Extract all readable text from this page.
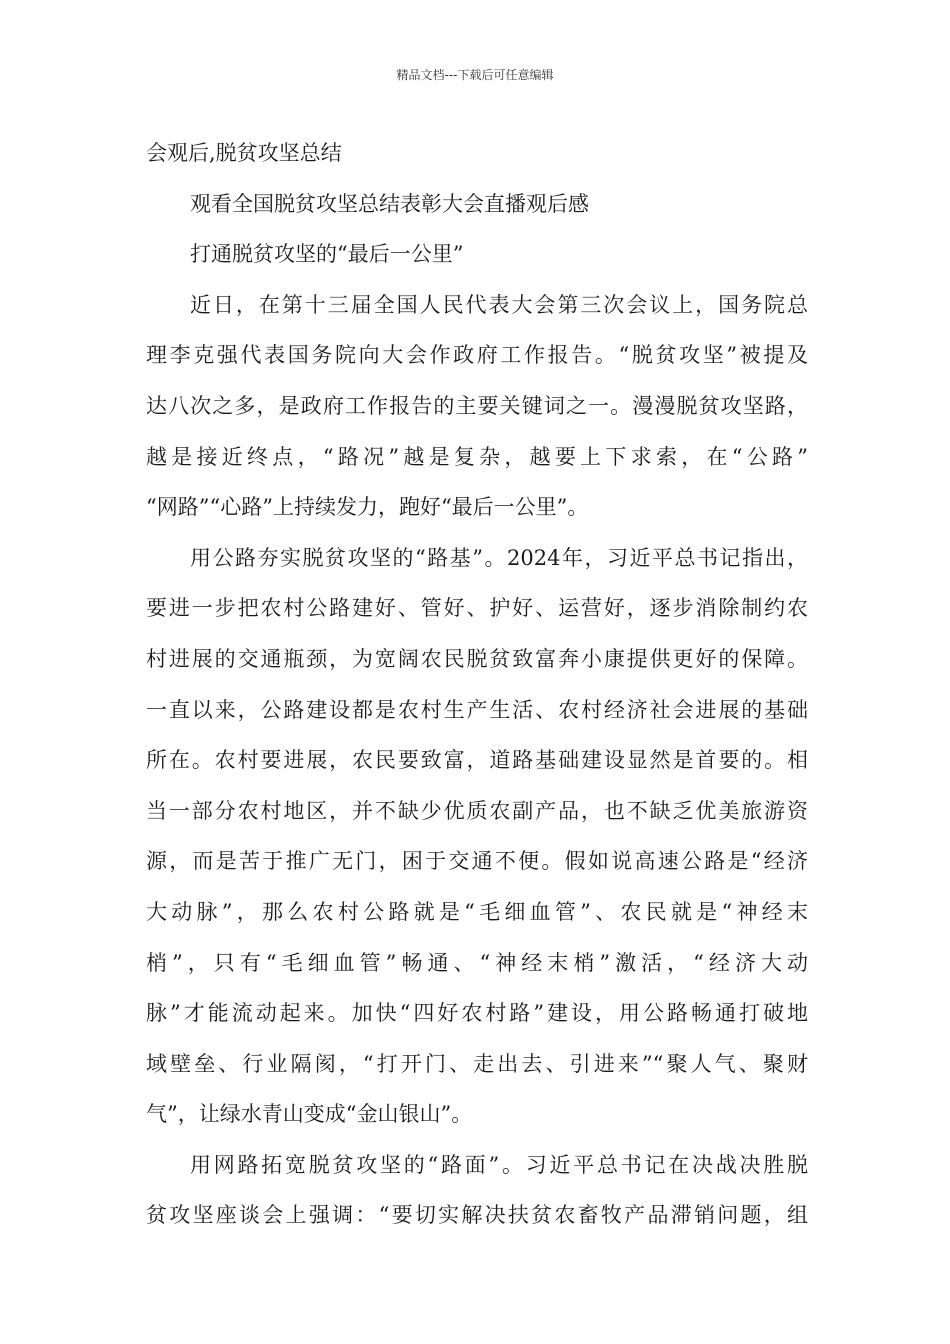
精品文档---下载后可任意编辑
会观后,脱贫攻坚总结
观看全国脱贫攻坚总结表彰大会直播观后感
打通脱贫攻坚的“最后一公里”
近日，在第十三届全国人民代表大会第三次会议上，国务院总
理李克强代表国务院向大会作政府工作报告。“脱贫攻坚”被提及
达八次之多，是政府工作报告的主要关键词之一。漫漫脱贫攻坚路，
越是接近终点，“路况”越是复杂，越要上下求索，在“公路”
“网路”“心路”上持续发力，跑好“最后一公里”。
用公路夯实脱贫攻坚的“路基”。2024年，习近平总书记指出，
要进一步把农村公路建好、管好、护好、运营好，逐步消除制约农
村进展的交通瓶颈，为宽阔农民脱贫致富奔小康提供更好的保障。
一直以来，公路建设都是农村生产生活、农村经济社会进展的基础
所在。农村要进展，农民要致富，道路基础建设显然是首要的。相
当一部分农村地区，并不缺少优质农副产品，也不缺乏优美旅游资
源，而是苦于推广无门，困于交通不便。假如说高速公路是“经济
大动脉”，那么农村公路就是“毛细血管”、农民就是“神经末
梢”，只有“毛细血管”畅通、“神经末梢”激活，“经济大动
脉”才能流动起来。加快“四好农村路”建设，用公路畅通打破地
域壁垒、行业隔阂，“打开门、走出去、引进来”“聚人气、聚财
气”，让绿水青山变成“金山银山”。
用网路拓宽脱贫攻坚的“路面”。习近平总书记在决战决胜脱
贫攻坚座谈会上强调：“要切实解决扶贫农畜牧产品滞销问题，组
